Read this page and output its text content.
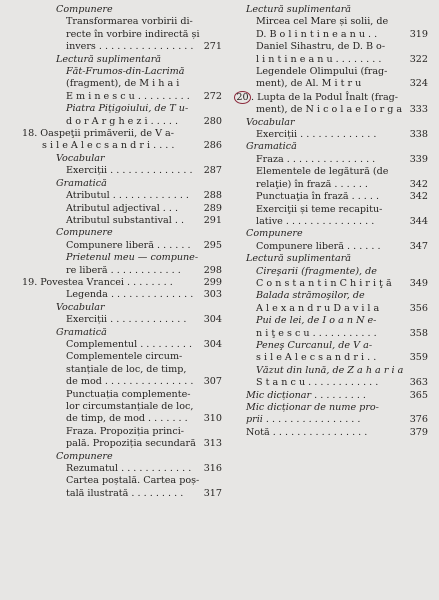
Compunere
Transformarea vorbirii di-
recte în vorbire indirectă și
invers . . . . . . . . . . . . . . . . 271
Lectură suplimentară
Făt-Frumos-din-Lacrimă
(fragment), de M i h a i
E m i n e s c u . . . . . . . . . 272
Piatra Pițigoiului, de T u-
d o r A r g h e z i . . . . .	280
18. Oaspeţii primăverii, de V a-
s i l e A l e c s a n d r i . . . .	286
Vocabular
Exerciții . . . . . . . . . . . . . . 287
Gramatică
Atributul . . . . . . . . . . . . . 288
Atributul adjectival . . .	289
Atributul substantival . . 291
Compunere
Compunere liberă . . . . . . 295
Prietenul meu — compune-
re liberă . . . . . . . . . . . . 298
19. Povestea Vrancei . . . . . . . .	299
Legenda . . . . . . . . . . . . . . 303
Vocabular
Exerciții . . . . . . . . . . . . . 304
Gramatică
Complementul . . . . . . . . . 304
Complementele circum-
stanțiale de loc, de timp,
de mod . . . . . . . . . . . . . . . 307
Punctuația complemente-
lor circumstanțiale de loc,
de timp, de mod . . . . . . . 310
Fraza. Propoziția princi-
pală. Propoziția secundară 313
Compunere
Rezumatul . . . . . . . . . . . . 316
Cartea poștală. Cartea poș-
tală ilustrată . . . . . . . . . 317
Lectură suplimentară
Mircea cel Mare și solii, de
D. B o l i n t i n e a n u . .	319
Daniel Sihastru, de D. B o-
l i n t i n e a n u . . . . . . . .	322
Legendele Olimpului (frag-
ment), de Al. M i t r u	324
20 . Lupta de la Podul Înalt (frag-
ment), de N i c o l a e I o r g a 333
Vocabular
Exerciții . . . . . . . . . . . . .	338
Gramatică
Fraza . . . . . . . . . . . . . . .	339
Elementele de legătură (de
relaţie) în frază . . . . . .	342
Punctuaţia în frază . . . . .	342
Exerciţii și teme recapitu-
lative . . . . . . . . . . . . . . .	344
Compunere
Compunere liberă . . . . . .	347
Lectură suplimentară
Cireşarii (fragmente), de
C o n s t a n t i n C h i r i ţ ă 349
Balada strămoşilor, de
A l e x a n d r u D a v i l a	356
Pui de lei, de I o a n N e-
n i ţ e s c u . . . . . . . . . . .	358
Peneş Curcanul, de V a-
s i l e A l e c s a n d r i . .	359
Văzut din lună, de Z a h a r i a
S t a n c u . . . . . . . . . . . .	363
Mic dicționar . . . . . . . . .	365
Mic dicționar de nume pro-
prii . . . . . . . . . . . . . . . .	376
Notă . . . . . . . . . . . . . . . .	379
